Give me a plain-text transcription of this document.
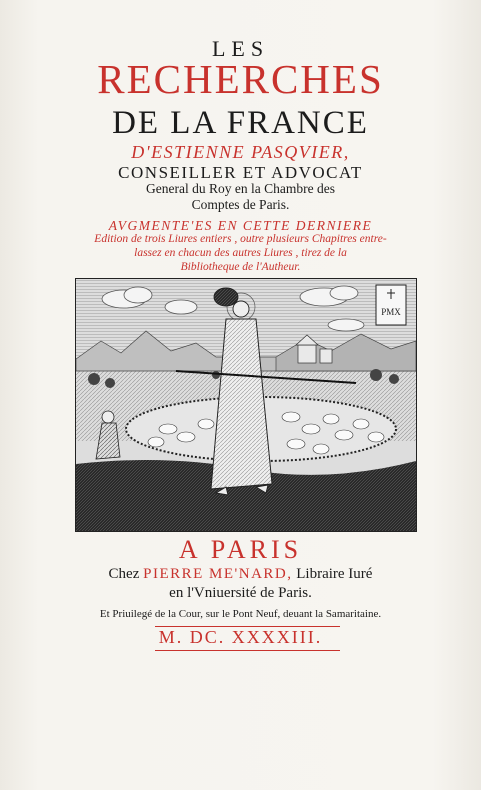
LES
RECHERCHES
DE LA FRANCE
D'ESTIENNE PASQVIER,
CONSEILLER ET ADVOCAT
General du Roy en la Chambre des
Comptes de Paris.
AVGMENTE'ES EN CETTE DERNIERE
Edition de trois Liures entiers , outre plusieurs Chapitres entre-
lassez en chacun des autres Liures , tirez de la
Bibliotheque de l'Autheur.
PMX
A PARIS
Chez PIERRE ME'NARD, Libraire Iuré
en l'Vniuersité de Paris.
Et Priuilegé de la Cour, sur le Pont Neuf, deuant la Samaritaine.
M. DC. XXXXIII.
